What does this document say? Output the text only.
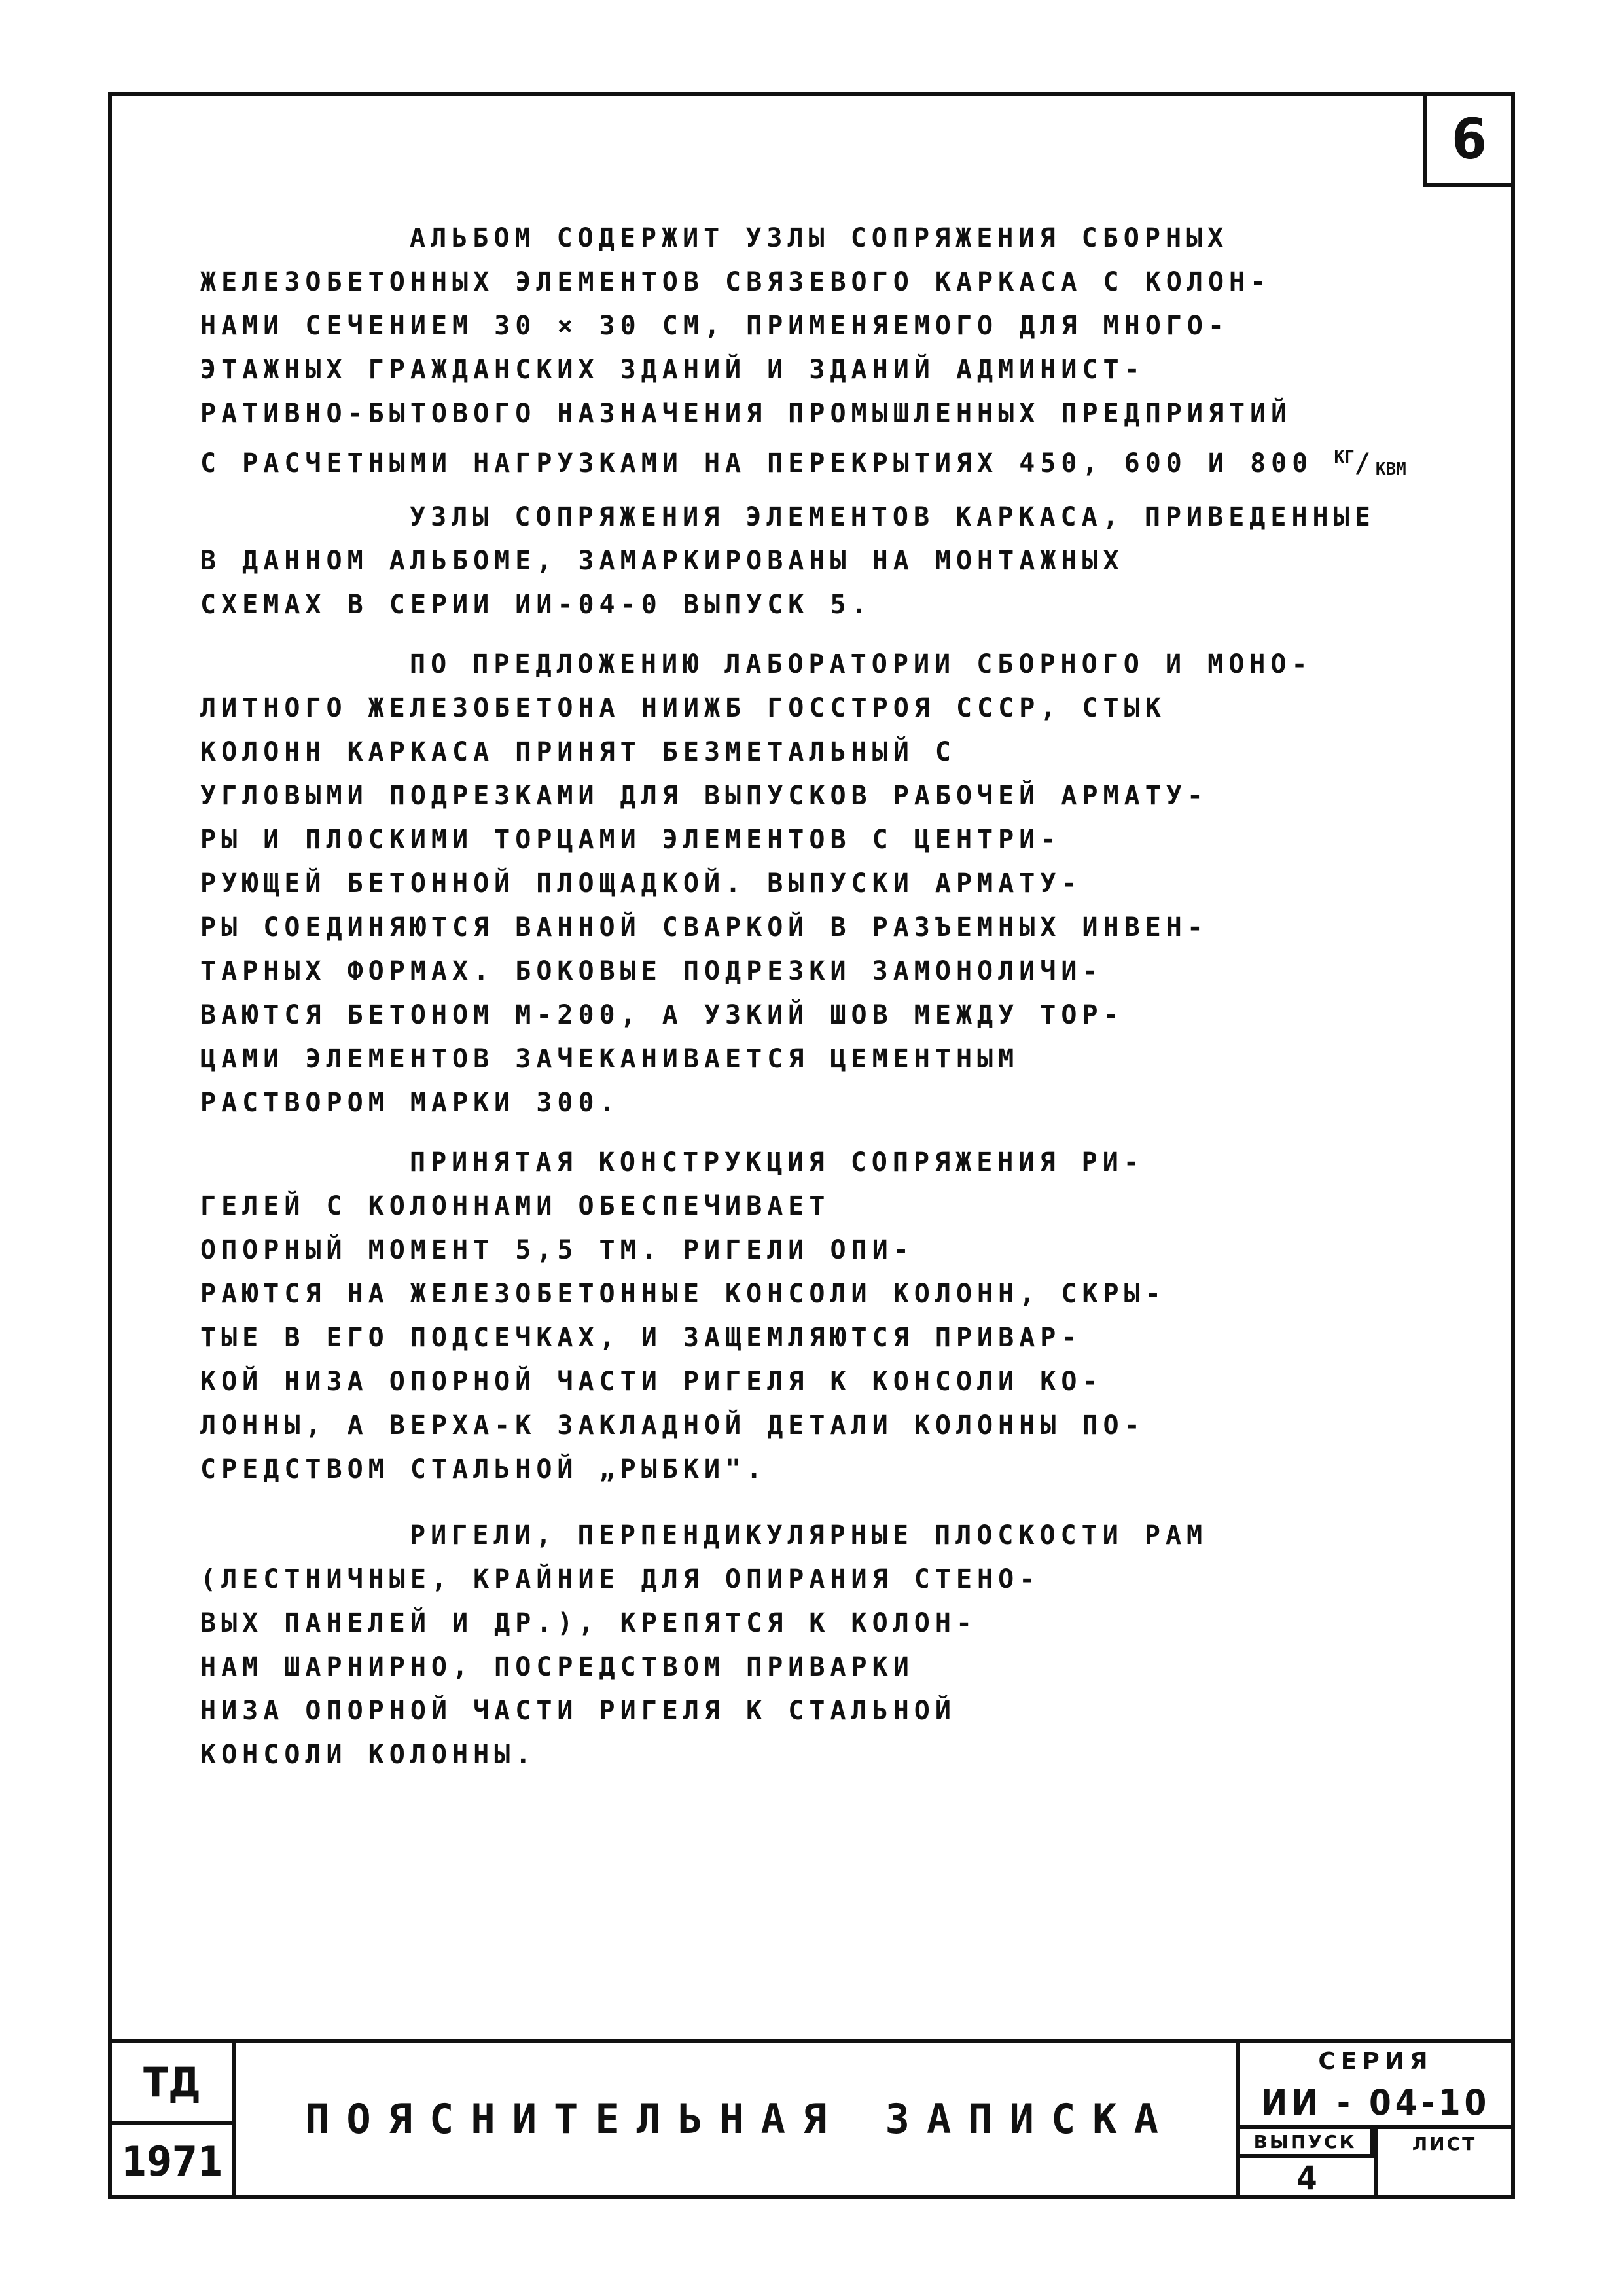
6
АЛЬБОМ СОДЕРЖИТ УЗЛЫ СОПРЯЖЕНИЯ СБОРНЫХ
ЖЕЛЕЗОБЕТОННЫХ ЭЛЕМЕНТОВ СВЯЗЕВОГО КАРКАСА С КОЛОН-
НАМИ СЕЧЕНИЕМ 30 × 30 СМ, ПРИМЕНЯЕМОГО ДЛЯ МНОГО-
ЭТАЖНЫХ ГРАЖДАНСКИХ ЗДАНИЙ И ЗДАНИЙ АДМИНИСТ-
РАТИВНО-БЫТОВОГО НАЗНАЧЕНИЯ ПРОМЫШЛЕННЫХ ПРЕДПРИЯТИЙ
С РАСЧЕТНЫМИ НАГРУЗКАМИ НА ПЕРЕКРЫТИЯХ 450, 600 И 800 $^{КГ}$/КВМ
УЗЛЫ СОПРЯЖЕНИЯ ЭЛЕМЕНТОВ КАРКАСА, ПРИВЕДЕННЫЕ
В ДАННОМ АЛЬБОМЕ, ЗАМАРКИРОВАНЫ НА МОНТАЖНЫХ
СХЕМАХ В СЕРИИ ИИ-04-0 ВЫПУСК 5.
ПО ПРЕДЛОЖЕНИЮ ЛАБОРАТОРИИ СБОРНОГО И МОНО-
ЛИТНОГО ЖЕЛЕЗОБЕТОНА НИИЖБ ГОССТРОЯ СССР, СТЫК
КОЛОНН КАРКАСА ПРИНЯТ БЕЗМЕТАЛЬНЫЙ С
УГЛОВЫМИ ПОДРЕЗКАМИ ДЛЯ ВЫПУСКОВ РАБОЧЕЙ АРМАТУ-
РЫ И ПЛОСКИМИ ТОРЦАМИ ЭЛЕМЕНТОВ С ЦЕНТРИ-
РУЮЩЕЙ БЕТОННОЙ ПЛОЩАДКОЙ. ВЫПУСКИ АРМАТУ-
РЫ СОЕДИНЯЮТСЯ ВАННОЙ СВАРКОЙ В РАЗЪЕМНЫХ ИНВЕН-
ТАРНЫХ ФОРМАХ. БОКОВЫЕ ПОДРЕЗКИ ЗАМОНОЛИЧИ-
ВАЮТСЯ БЕТОНОМ М-200, А УЗКИЙ ШОВ МЕЖДУ ТОР-
ЦАМИ ЭЛЕМЕНТОВ ЗАЧЕКАНИВАЕТСЯ ЦЕМЕНТНЫМ
РАСТВОРОМ МАРКИ 300.
ПРИНЯТАЯ КОНСТРУКЦИЯ СОПРЯЖЕНИЯ РИ-
ГЕЛЕЙ С КОЛОННАМИ ОБЕСПЕЧИВАЕТ
ОПОРНЫЙ МОМЕНТ 5,5 ТМ. РИГЕЛИ ОПИ-
РАЮТСЯ НА ЖЕЛЕЗОБЕТОННЫЕ КОНСОЛИ КОЛОНН, СКРЫ-
ТЫЕ В ЕГО ПОДСЕЧКАХ, И ЗАЩЕМЛЯЮТСЯ ПРИВАР-
КОЙ НИЗА ОПОРНОЙ ЧАСТИ РИГЕЛЯ К КОНСОЛИ КО-
ЛОННЫ, А ВЕРХА-К ЗАКЛАДНОЙ ДЕТАЛИ КОЛОННЫ ПО-
СРЕДСТВОМ СТАЛЬНОЙ „РЫБКИ".
РИГЕЛИ, ПЕРПЕНДИКУЛЯРНЫЕ ПЛОСКОСТИ РАМ
(ЛЕСТНИЧНЫЕ, КРАЙНИЕ ДЛЯ ОПИРАНИЯ СТЕНО-
ВЫХ ПАНЕЛЕЙ И ДР.), КРЕПЯТСЯ К КОЛОН-
НАМ ШАРНИРНО, ПОСРЕДСТВОМ ПРИВАРКИ
НИЗА ОПОРНОЙ ЧАСТИ РИГЕЛЯ К СТАЛЬНОЙ
КОНСОЛИ КОЛОННЫ.
ТД
1971
ПОЯСНИТЕЛЬНАЯ ЗАПИСКА
СЕРИЯ
ИИ - 04-10
ВЫПУСК
4
ЛИСТ
